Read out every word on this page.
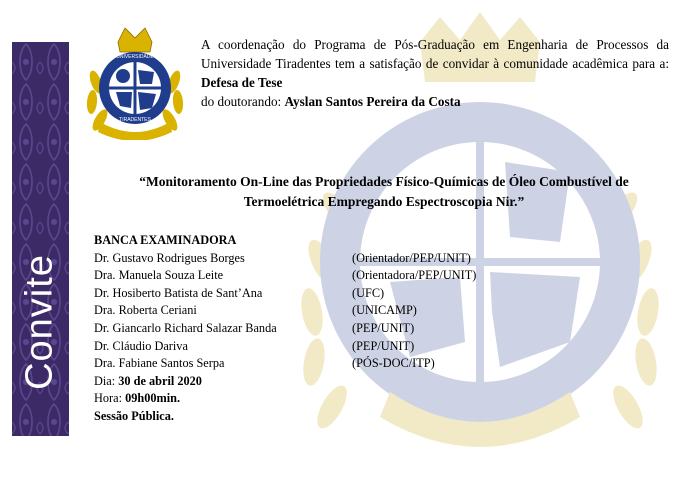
Convite
UNIVERSIDADE
TIRADENTES

A coordenação do Programa de Pós-Graduação em Engenharia de Processos da Universidade Tiradentes tem a satisfação de convidar à comunidade acadêmica para a: Defesa de Tese

do doutorando: Ayslan Santos Pereira da Costa

“Monitoramento On-Line das Propriedades Físico-Químicas de Óleo Combustível de Termoelétrica Empregando Espectroscopia Nir.”
BANCA EXAMINADORA
Dr. Gustavo Rodrigues Borges	(Orientador/PEP/UNIT)
Dra. Manuela Souza Leite	(Orientadora/PEP/UNIT)
Dr. Hosiberto Batista de Sant’Ana	(UFC)
Dra. Roberta Ceriani	(UNICAMP)
Dr. Giancarlo Richard Salazar Banda	(PEP/UNIT)
Dr. Cláudio Dariva	(PEP/UNIT)
Dra. Fabiane Santos Serpa	(PÓS-DOC/ITP)
Dia: 30 de abril 2020
Hora: 09h00min.
Sessão Pública.
